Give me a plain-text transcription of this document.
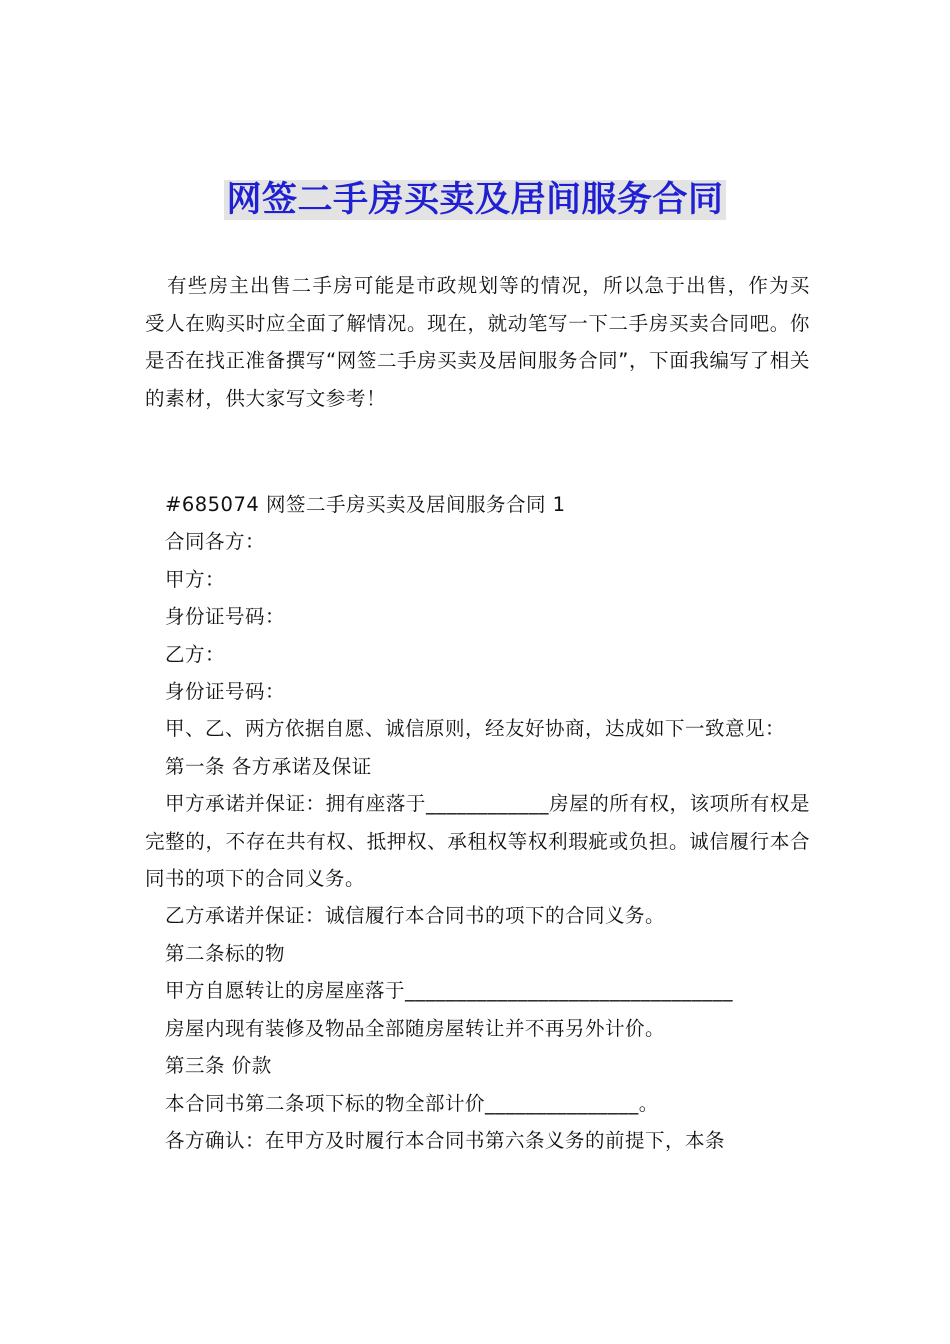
网签二手房买卖及居间服务合同

有些房主出售二手房可能是市政规划等的情况，所以急于出售，作为买受人在购买时应全面了解情况。现在，就动笔写一下二手房买卖合同吧。你是否在找正准备撰写“网签二手房买卖及居间服务合同”，下面我编写了相关的素材，供大家写文参考！

#685074 网签二手房买卖及居间服务合同 1

合同各方：

甲方：

身份证号码：

乙方：

身份证号码：

甲、乙、两方依据自愿、诚信原则，经友好协商，达成如下一致意见：

第一条 各方承诺及保证

甲方承诺并保证：拥有座落于____________房屋的所有权，该项所有权是完整的，不存在共有权、抵押权、承租权等权利瑕疵或负担。诚信履行本合同书的项下的合同义务。

乙方承诺并保证：诚信履行本合同书的项下的合同义务。

第二条标的物

甲方自愿转让的房屋座落于________________________________

房屋内现有装修及物品全部随房屋转让并不再另外计价。

第三条 价款

本合同书第二条项下标的物全部计价_______________。

各方确认：在甲方及时履行本合同书第六条义务的前提下，本条
